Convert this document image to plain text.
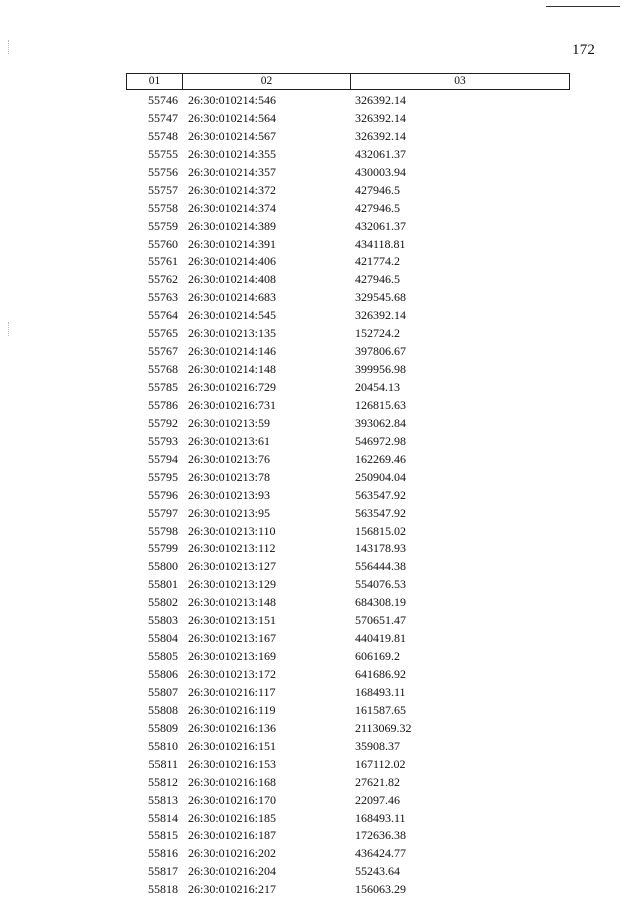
172
01	02	03
55746 26:30:010214:546	326392.14
55747 26:30:010214:564	326392.14
55748 26:30:010214:567	326392.14
55755 26:30:010214:355	432061.37
55756 26:30:010214:357	430003.94
55757 26:30:010214:372	427946.5
55758 26:30:010214:374	427946.5
55759 26:30:010214:389	432061.37
55760 26:30:010214:391	434118.81
55761 26:30:010214:406	421774.2
55762 26:30:010214:408	427946.5
55763 26:30:010214:683	329545.68
55764 26:30:010214:545	326392.14
55765 26:30:010213:135	152724.2
55767 26:30:010214:146	397806.67
55768 26:30:010214:148	399956.98
55785 26:30:010216:729	20454.13
55786 26:30:010216:731	126815.63
55792 26:30:010213:59	393062.84
55793 26:30:010213:61	546972.98
55794 26:30:010213:76	162269.46
55795 26:30:010213:78	250904.04
55796 26:30:010213:93	563547.92
55797 26:30:010213:95	563547.92
55798 26:30:010213:110	156815.02
55799 26:30:010213:112	143178.93
55800 26:30:010213:127	556444.38
55801 26:30:010213:129	554076.53
55802 26:30:010213:148	684308.19
55803 26:30:010213:151	570651.47
55804 26:30:010213:167	440419.81
55805 26:30:010213:169	606169.2
55806 26:30:010213:172	641686.92
55807 26:30:010216:117	168493.11
55808 26:30:010216:119	161587.65
55809 26:30:010216:136	2113069.32
55810 26:30:010216:151	35908.37
55811 26:30:010216:153	167112.02
55812 26:30:010216:168	27621.82
55813 26:30:010216:170	22097.46
55814 26:30:010216:185	168493.11
55815 26:30:010216:187	172636.38
55816 26:30:010216:202	436424.77
55817 26:30:010216:204	55243.64
55818 26:30:010216:217	156063.29
